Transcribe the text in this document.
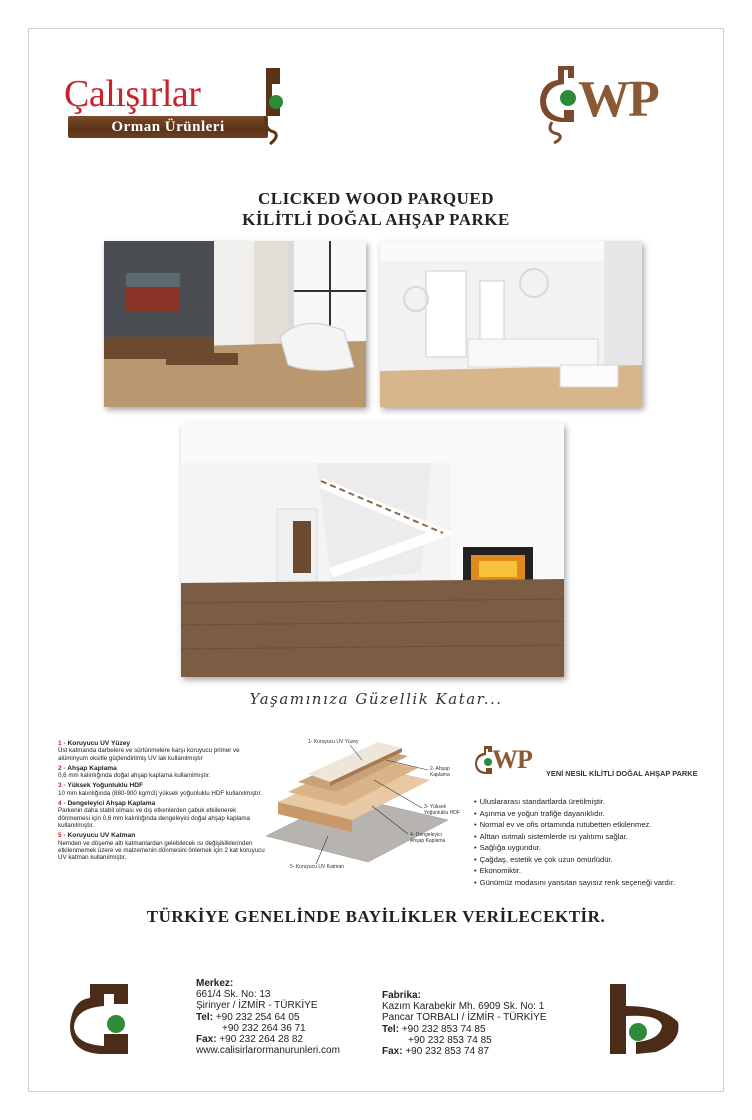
Çalışırlar
Orman Ürünleri	WP
CLICKED WOOD PARQUED
KİLİTLİ DOĞAL AHŞAP PARKE
Yaşamınıza Güzellik Katar...
1 - Koruyucu UV Yüzey
Üst katmanda darbelere ve sürtünmelere karşı koruyucu primer ve alüminyum oksitle güçlendirilmiş UV lak kullanılmıştır
2 - Ahşap Kaplama
0,6 mm kalınlığında doğal ahşap kaplama kullanılmıştır.
3 - Yüksek Yoğunluklu HDF
10 mm kalınlığında (880-900 kg/m3) yüksek yoğunluklu HDF kullanılmıştır.
4 - Dengeleyici Ahşap Kaplama
Parkenin daha stabil olması ve dış etkenlerden çabuk etkilenerek dönmemesi için 0,6 mm kalınlığında dengeleyici doğal ahşap kaplama kullanılmıştır.
5 - Koruyucu UV Katman
Nemden ve döşeme altı katmanlardan gelebilecek ısı değişikliklerinden etkilenmemek üzere ve malzemenin dönmesini önlemek için 2 kat koruyucu UV katman kullanılmıştır.
1- Koruyucu UV Yüzey
2- Ahşap Kaplama
3- Yüksek Yoğunluklu HDF
4- Dengeleyici Ahşap Kaplama
5- Koruyucu UV Katman
WP YENİ NESİL KİLİTLİ DOĞAL AHŞAP PARKE
• Uluslararası standartlarda üretilmiştir.
• Aşınma ve yoğun trafiğe dayanıklıdır.
• Normal ev ve ofis ortamında rutubetten etkilenmez.
• Alttan ısıtmalı sistemlerde ısı yalıtımı sağlar.
• Sağlığa uygundur.
• Çağdaş, estetik ve çok uzun ömürlüdür.
• Ekonomiktir.
• Günümüz modasını yansıtan sayısız renk seçeneği vardır.
TÜRKİYE GENELİNDE BAYİLİKLER VERİLECEKTİR.
Merkez:
661/4 Sk. No: 13
Şirinyer / İZMİR - TÜRKİYE
Tel: +90 232 254 64 05
+90 232 264 36 71
Fax: +90 232 264 28 82
www.calisirlarormanurunleri.com
Fabrika:
Kazım Karabekir Mh. 6909 Sk. No: 1
Pancar TORBALI / İZMİR - TÜRKİYE
Tel: +90 232 853 74 85
+90 232 853 74 85
Fax: +90 232 853 74 87
